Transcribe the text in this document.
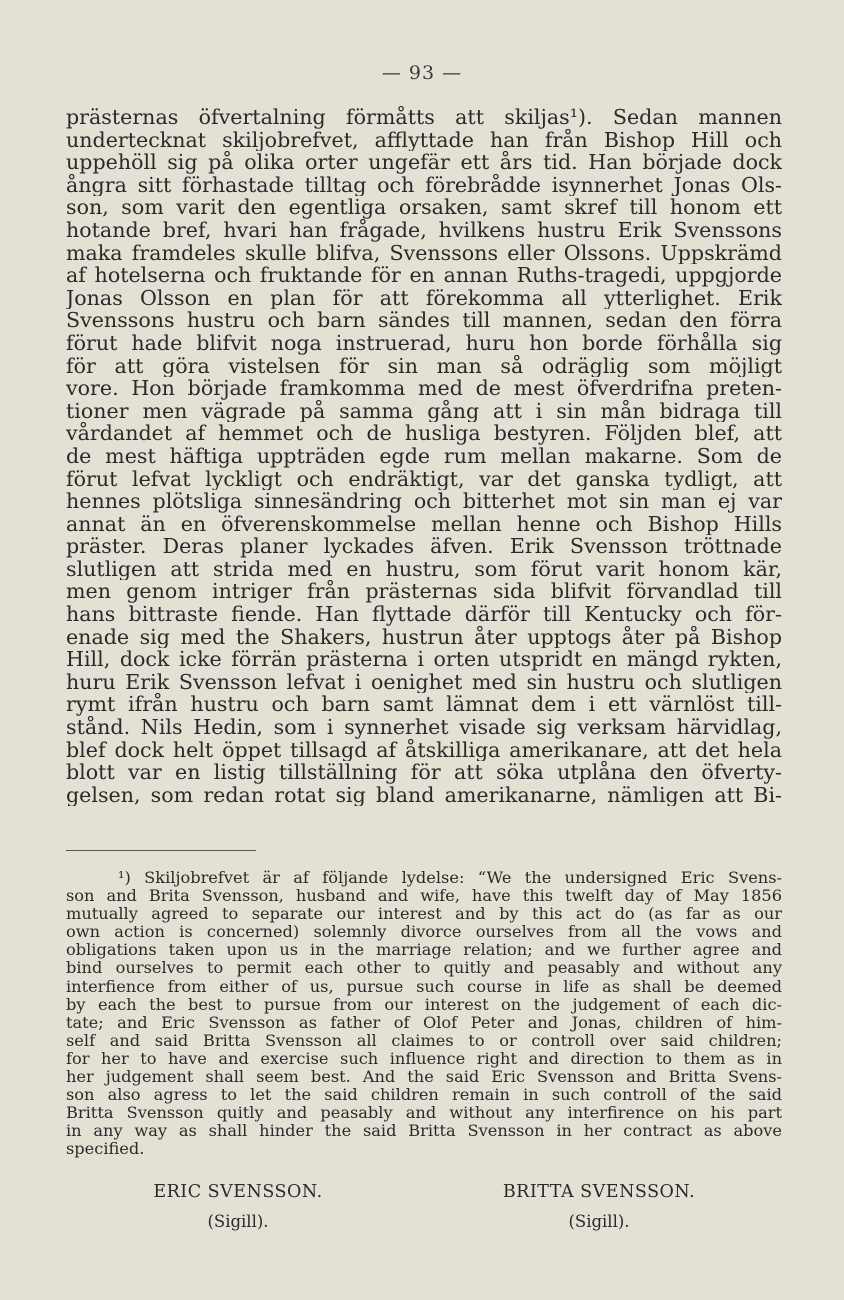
— 93 —
prästernas öfvertalning förmåtts att skiljas¹). Sedan mannen
undertecknat skiljobrefvet, afflyttade han från Bishop Hill och
uppehöll sig på olika orter ungefär ett års tid. Han började dock
ångra sitt förhastade tilltag och förebrådde isynnerhet Jonas Ols-
son, som varit den egentliga orsaken, samt skref till honom ett
hotande bref, hvari han frågade, hvilkens hustru Erik Svenssons
maka framdeles skulle blifva, Svenssons eller Olssons. Uppskrämd
af hotelserna och fruktande för en annan Ruths-tragedi, uppgjorde
Jonas Olsson en plan för att förekomma all ytterlighet. Erik
Svenssons hustru och barn sändes till mannen, sedan den förra
förut hade blifvit noga instruerad, huru hon borde förhålla sig
för att göra vistelsen för sin man så odräglig som möjligt
vore. Hon började framkomma med de mest öfverdrifna preten-
tioner men vägrade på samma gång att i sin mån bidraga till
vårdandet af hemmet och de husliga bestyren. Följden blef, att
de mest häftiga uppträden egde rum mellan makarne. Som de
förut lefvat lyckligt och endräktigt, var det ganska tydligt, att
hennes plötsliga sinnesändring och bitterhet mot sin man ej var
annat än en öfverenskommelse mellan henne och Bishop Hills
präster. Deras planer lyckades äfven. Erik Svensson tröttnade
slutligen att strida med en hustru, som förut varit honom kär,
men genom intriger från prästernas sida blifvit förvandlad till
hans bittraste fiende. Han flyttade därför till Kentucky och för-
enade sig med the Shakers, hustrun åter upptogs åter på Bishop
Hill, dock icke förrän prästerna i orten utspridt en mängd rykten,
huru Erik Svensson lefvat i oenighet med sin hustru och slutligen
rymt ifrån hustru och barn samt lämnat dem i ett värnlöst till-
stånd. Nils Hedin, som i synnerhet visade sig verksam härvidlag,
blef dock helt öppet tillsagd af åtskilliga amerikanare, att det hela
blott var en listig tillställning för att söka utplåna den öfverty-
gelsen, som redan rotat sig bland amerikanarne, nämligen att Bi-
¹) Skiljobrefvet är af följande lydelse: “We the undersigned Eric Svens-
son and Brita Svensson, husband and wife, have this twelft day of May 1856
mutually agreed to separate our interest and by this act do (as far as our
own action is concerned) solemnly divorce ourselves from all the vows and
obligations taken upon us in the marriage relation; and we further agree and
bind ourselves to permit each other to quitly and peasably and without any
interfience from either of us, pursue such course in life as shall be deemed
by each the best to pursue from our interest on the judgement of each dic-
tate; and Eric Svensson as father of Olof Peter and Jonas, children of him-
self and said Britta Svensson all claimes to or controll over said children;
for her to have and exercise such influence right and direction to them as in
her judgement shall seem best. And the said Eric Svensson and Britta Svens-
son also agress to let the said children remain in such controll of the said
Britta Svensson quitly and peasably and without any interfirence on his part
in any way as shall hinder the said Britta Svensson in her contract as above
specified.
ERIC SVENSSON.
(Sigill).
BRITTA SVENSSON.
(Sigill).
